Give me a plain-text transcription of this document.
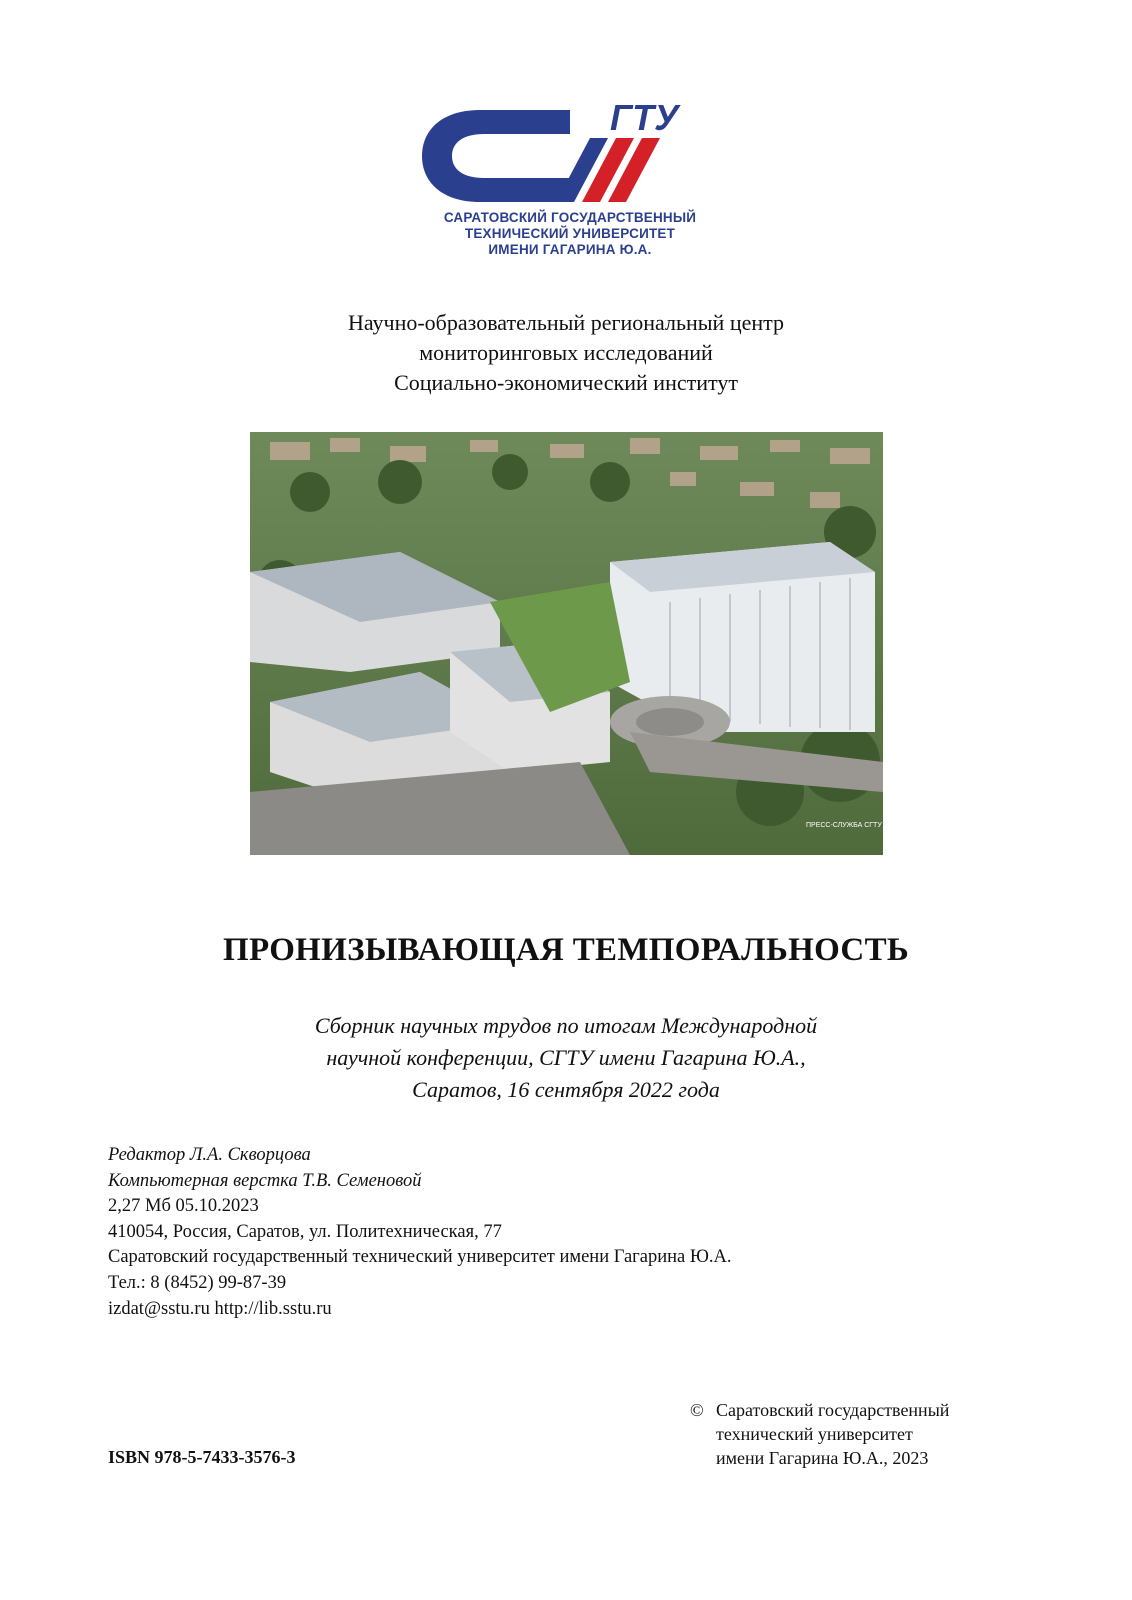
ГТУ
САРАТОВСКИЙ ГОСУДАРСТВЕННЫЙ
ТЕХНИЧЕСКИЙ УНИВЕРСИТЕТ
ИМЕНИ ГАГАРИНА Ю.А.
Научно-образовательный региональный центр
мониторинговых исследований
Социально-экономический институт
ПРЕСС-СЛУЖБА СГТУ
ПРОНИЗЫВАЮЩАЯ ТЕМПОРАЛЬНОСТЬ
Сборник научных трудов по итогам Международной
научной конференции, СГТУ имени Гагарина Ю.А.,
Саратов, 16 сентября 2022 года
Редактор Л.А. Скворцова
Компьютерная верстка Т.В. Семеновой
2,27 Мб 05.10.2023
410054, Россия, Саратов, ул. Политехническая, 77
Саратовский государственный технический университет имени Гагарина Ю.А.
Тел.: 8 (8452) 99-87-39
izdat@sstu.ru http://lib.sstu.ru
© Саратовский государственный
технический университет
имени Гагарина Ю.А., 2023
ISBN 978-5-7433-3576-3
